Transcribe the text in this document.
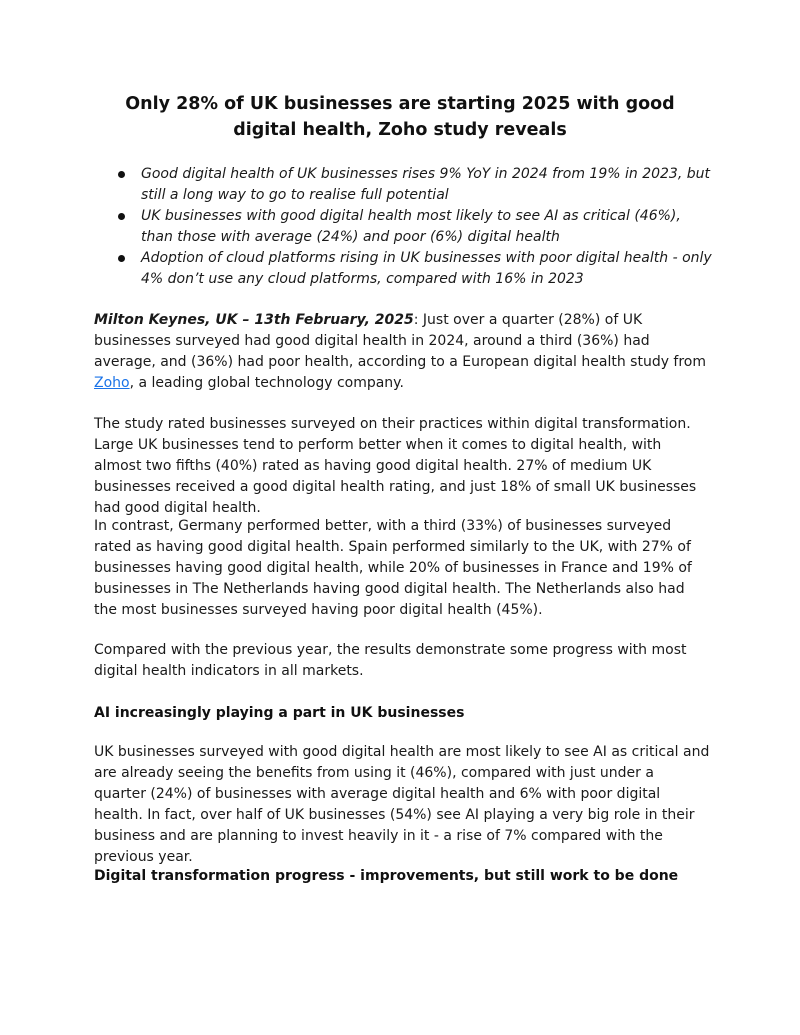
Only 28% of UK businesses are starting 2025 with good digital health, Zoho study reveals
Good digital health of UK businesses rises 9% YoY in 2024 from 19% in 2023, but still a long way to go to realise full potential
UK businesses with good digital health most likely to see AI as critical (46%), than those with average (24%) and poor (6%) digital health
Adoption of cloud platforms rising in UK businesses with poor digital health - only 4% don’t use any cloud platforms, compared with 16% in 2023

Milton Keynes, UK – 13th February, 2025: Just over a quarter (28%) of UK businesses surveyed had good digital health in 2024, around a third (36%) had average, and (36%) had poor health, according to a European digital health study from Zoho, a leading global technology company.

The study rated businesses surveyed on their practices within digital transformation. Large UK businesses tend to perform better when it comes to digital health, with almost two fifths (40%) rated as having good digital health. 27% of medium UK businesses received a good digital health rating, and just 18% of small UK businesses had good digital health.

In contrast, Germany performed better, with a third (33%) of businesses surveyed rated as having good digital health. Spain performed similarly to the UK, with 27% of businesses having good digital health, while 20% of businesses in France and 19% of businesses in The Netherlands having good digital health. The Netherlands also had the most businesses surveyed having poor digital health (45%).

Compared with the previous year, the results demonstrate some progress with most digital health indicators in all markets.

AI increasingly playing a part in UK businesses

UK businesses surveyed with good digital health are most likely to see AI as critical and are already seeing the benefits from using it (46%), compared with just under a quarter (24%) of businesses with average digital health and 6% with poor digital health. In fact, over half of UK businesses (54%) see AI playing a very big role in their business and are planning to invest heavily in it - a rise of 7% compared with the previous year.

Digital transformation progress - improvements, but still work to be done
